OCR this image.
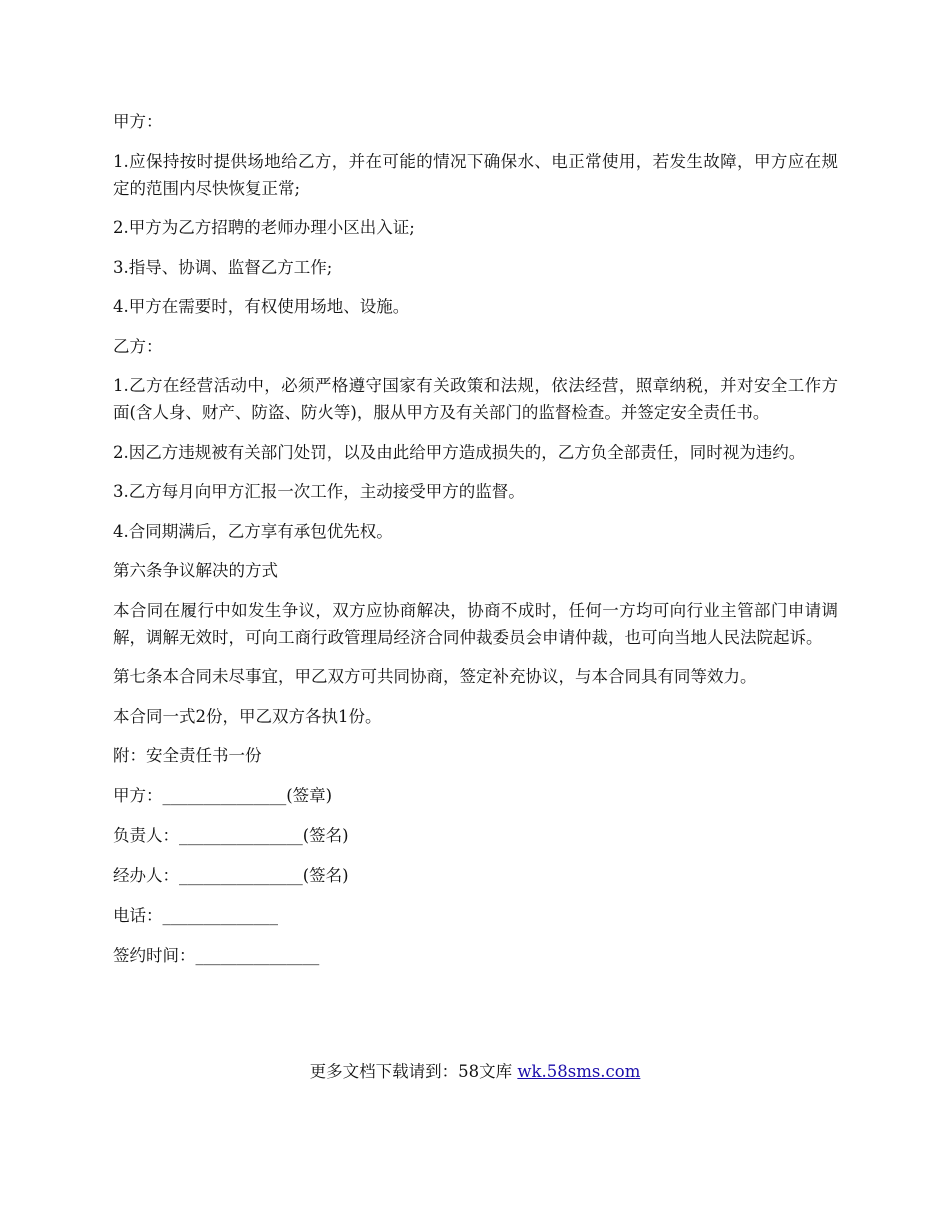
甲方：

1.应保持按时提供场地给乙方，并在可能的情况下确保水、电正常使用，若发生故障，甲方应在规定的范围内尽快恢复正常;

2.甲方为乙方招聘的老师办理小区出入证;

3.指导、协调、监督乙方工作;

4.甲方在需要时，有权使用场地、设施。

乙方：

1.乙方在经营活动中，必须严格遵守国家有关政策和法规，依法经营，照章纳税，并对安全工作方面(含人身、财产、防盗、防火等)，服从甲方及有关部门的监督检查。并签定安全责任书。

2.因乙方违规被有关部门处罚，以及由此给甲方造成损失的，乙方负全部责任，同时视为违约。

3.乙方每月向甲方汇报一次工作，主动接受甲方的监督。

4.合同期满后，乙方享有承包优先权。

第六条争议解决的方式

本合同在履行中如发生争议，双方应协商解决，协商不成时，任何一方均可向行业主管部门申请调解，调解无效时，可向工商行政管理局经济合同仲裁委员会申请仲裁，也可向当地人民法院起诉。

第七条本合同未尽事宜，甲乙双方可共同协商，签定补充协议，与本合同具有同等效力。

本合同一式2份，甲乙双方各执1份。

附：安全责任书一份

甲方：_______________(签章)

负责人：_______________(签名)

经办人：_______________(签名)

电话：______________

签约时间：_______________

更多文档下载请到：58文库 wk.58sms.com
